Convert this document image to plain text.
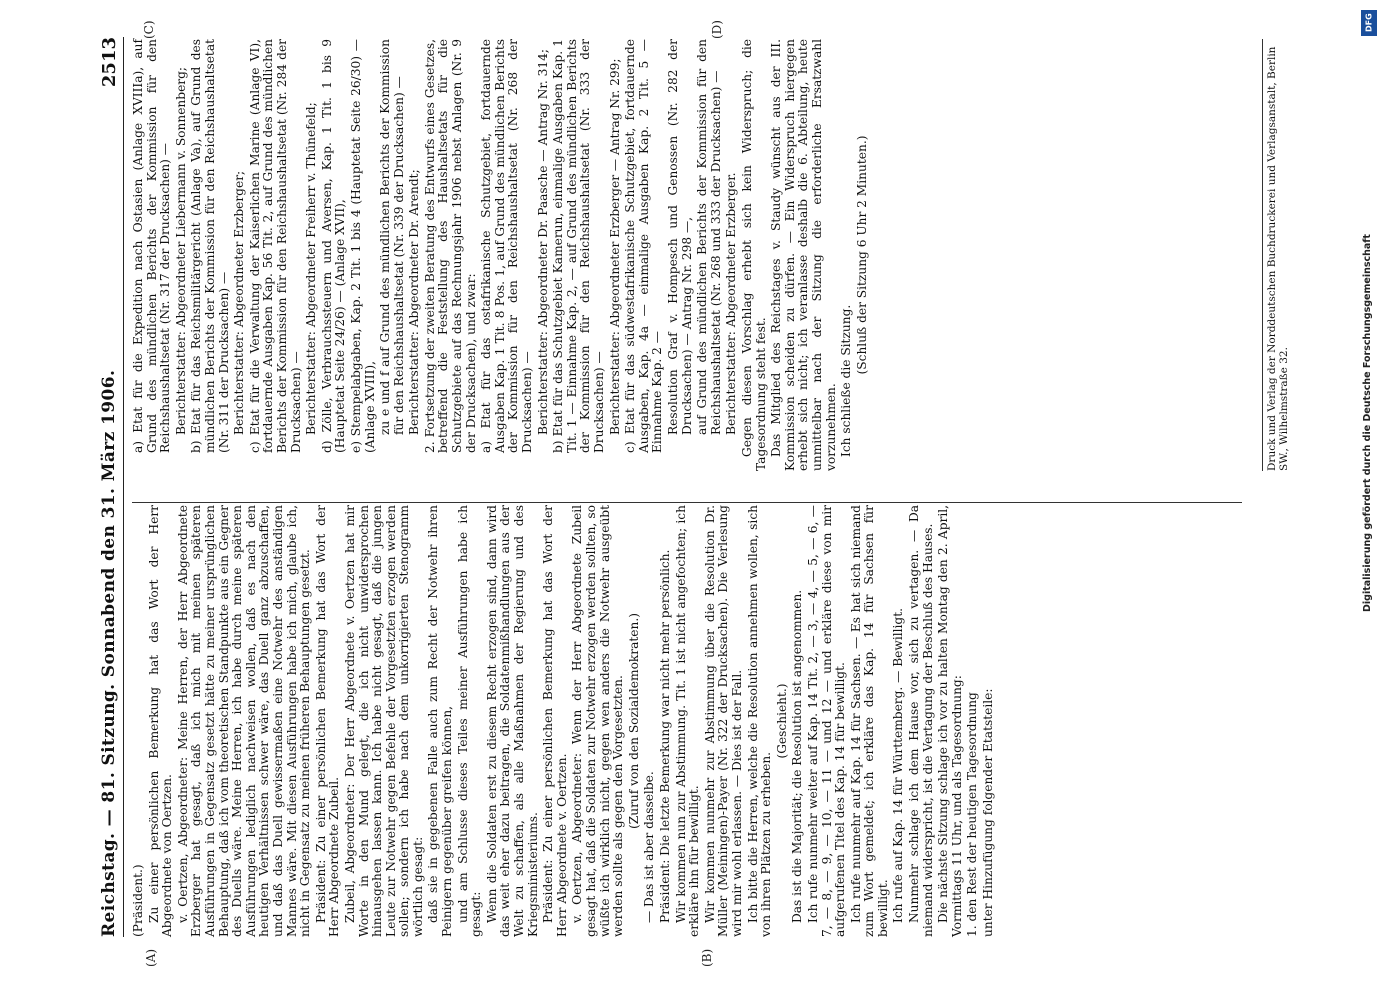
Reichstag. — 81. Sitzung. Sonnabend den 31. März 1906.
2513
(A)	(B)
(C)	(D)

(Präsident.) Zu einer persönlichen Bemerkung hat das Wort der Herr Abgeordnete von Oertzen. v. Oertzen, Abgeordneter: Meine Herren, der Herr Abgeordnete Erzberger hat gesagt, daß ich mich mit meinen späteren Ausführungen in Gegensatz gesetzt hätte zu meiner ursprünglichen Behauptung, daß ich vom theoretischen Standpunkte aus ein Gegner des Duells wäre. Meine Herren, ich habe durch meine späteren Ausführungen lediglich nachweisen wollen, daß es nach den heutigen Verhältnissen schwer wäre, das Duell ganz abzuschaffen, und daß das Duell gewissermaßen eine Notwehr des anständigen Mannes wäre. Mit diesen Ausführungen habe ich mich, glaube ich, nicht in Gegensatz zu meinen früheren Behauptungen gesetzt. Präsident: Zu einer persönlichen Bemerkung hat das Wort der Herr Abgeordnete Zubeil. Zubeil, Abgeordneter: Der Herr Abgeordnete v. Oertzen hat mir Worte in den Mund gelegt, die ich nicht unwidersprochen hinausgehen lassen kann. Ich habe nicht gesagt, daß die jungen Leute zur Notwehr gegen Befehle der Vorgesetzten erzogen werden sollen; sondern ich habe nach dem unkorrigierten Stenogramm wörtlich gesagt: daß sie in gegebenen Falle auch zum Recht der Notwehr ihren Peinigern gegenüber greifen können, und am Schlusse dieses Teiles meiner Ausführungen habe ich gesagt: Wenn die Soldaten erst zu diesem Recht erzogen sind, dann wird das weit eher dazu beitragen, die Soldatenmißhandlungen aus der Welt zu schaffen, als alle Maßnahmen der Regierung und des Kriegsministeriums. Präsident: Zu einer persönlichen Bemerkung hat das Wort der Herr Abgeordnete v. Oertzen. v. Oertzen, Abgeordneter: Wenn der Herr Abgeordnete Zubeil gesagt hat, daß die Soldaten zur Notwehr erzogen werden sollten, so wüßte ich wirklich nicht, gegen wen anders die Notwehr ausgeübt werden sollte als gegen den Vorgesetzten. (Zuruf von den Sozialdemokraten.)

— Das ist aber dasselbe. Präsident: Die letzte Bemerkung war nicht mehr persönlich. Wir kommen nun zur Abstimmung. Tit. 1 ist nicht angefochten; ich erkläre ihn für bewilligt. Wir kommen nunmehr zur Abstimmung über die Resolution Dr. Müller (Meiningen)-Payer (Nr. 322 der Drucksachen). Die Verlesung wird mir wohl erlassen. — Dies ist der Fall. Ich bitte die Herren, welche die Resolution annehmen wollen, sich von ihren Plätzen zu erheben.

(Geschieht.) Das ist die Majorität; die Resolution ist angenommen. Ich rufe nunmehr weiter auf Kap. 14 Tit. 2, — 3, — 4, — 5, — 6, — 7, — 8, — 9, — 10, — 11 — und 12 — und erkläre diese von mir aufgerufenen Titel des Kap. 14 für bewilligt. Ich rufe nunmehr auf Kap. 14 für Sachsen. — Es hat sich niemand zum Wort gemeldet; ich erkläre das Kap. 14 für Sachsen für bewilligt. Ich rufe auf Kap. 14 für Württemberg. — Bewilligt. Nunmehr schlage ich dem Hause vor, sich zu vertagen. — Da niemand widerspricht, ist die Vertagung der Beschluß des Hauses. Die nächste Sitzung schlage ich vor zu halten Montag den 2. April, Vormittags 11 Uhr, und als Tagesordnung: 1. den Rest der heutigen Tagesordnung unter Hinzufügung folgender Etatsteile:

a) Etat für die Expedition nach Ostasien (Anlage XVIIIa), auf Grund des mündlichen Berichts der Kommission für den Reichshaushaltsetat (Nr. 317 der Drucksachen) — Berichterstatter: Abgeordneter Liebermann v. Sonnenberg; b) Etat für das Reichsmilitärgericht (Anlage Va), auf Grund des mündlichen Berichts der Kommission für den Reichshaushaltsetat (Nr. 311 der Drucksachen) — Berichterstatter: Abgeordneter Erzberger; c) Etat für die Verwaltung der Kaiserlichen Marine (Anlage VI), fortdauernde Ausgaben Kap. 56 Tit. 2, auf Grund des mündlichen Berichts der Kommission für den Reichshaushaltsetat (Nr. 284 der Drucksachen) — Berichterstatter: Abgeordneter Freiherr v. Thünefeld; d) Zölle, Verbrauchssteuern und Aversen, Kap. 1 Tit. 1 bis 9 (Hauptetat Seite 24/26) — (Anlage XVII), e) Stempelabgaben, Kap. 2 Tit. 1 bis 4 (Hauptetat Seite 26/30) — (Anlage XVIII), zu e und f auf Grund des mündlichen Berichts der Kommission für den Reichshaushaltsetat (Nr. 339 der Drucksachen) — Berichterstatter: Abgeordneter Dr. Arendt; 2. Fortsetzung der zweiten Beratung des Entwurfs eines Gesetzes, betreffend die Feststellung des Haushaltsetats für die Schutzgebiete auf das Rechnungsjahr 1906 nebst Anlagen (Nr. 9 der Drucksachen), und zwar: a) Etat für das ostafrikanische Schutzgebiet, fortdauernde Ausgaben Kap. 1 Tit. 8 Pos. 1, auf Grund des mündlichen Berichts der Kommission für den Reichshaushaltsetat (Nr. 268 der Drucksachen) — Berichterstatter: Abgeordneter Dr. Paasche — Antrag Nr. 314; b) Etat für das Schutzgebiet Kamerun, einmalige Ausgaben Kap. 1 Tit. 1 — Einnahme Kap. 2, — auf Grund des mündlichen Berichts der Kommission für den Reichshaushaltsetat (Nr. 333 der Drucksachen) — Berichterstatter: Abgeordneter Erzberger — Antrag Nr. 299; c) Etat für das südwestafrikanische Schutzgebiet, fortdauernde Ausgaben, Kap. 4a — einmalige Ausgaben Kap. 2 Tit. 5 — Einnahme Kap. 2 — Resolution Graf v. Hompesch und Genossen (Nr. 282 der Drucksachen) — Antrag Nr. 298 —, auf Grund des mündlichen Berichts der Kommission für den Reichshaushaltsetat (Nr. 268 und 333 der Drucksachen) — Berichterstatter: Abgeordneter Erzberger. Gegen diesen Vorschlag erhebt sich kein Widerspruch; die Tagesordnung steht fest. Das Mitglied des Reichstages v. Staudy wünscht aus der III. Kommission scheiden zu dürfen. — Ein Widerspruch hiergegen erhebt sich nicht; ich veranlasse deshalb die 6. Abteilung, heute unmittelbar nach der Sitzung die erforderliche Ersatzwahl vorzunehmen. Ich schließe die Sitzung.

(Schluß der Sitzung 6 Uhr 2 Minuten.)	Druck und Verlag der Norddeutschen Buchdruckerei und Verlagsanstalt, Berlin SW., Wilhelmstraße 32.
DFG
Digitalisierung gefördert durch die Deutsche Forschungsgemeinschaft
